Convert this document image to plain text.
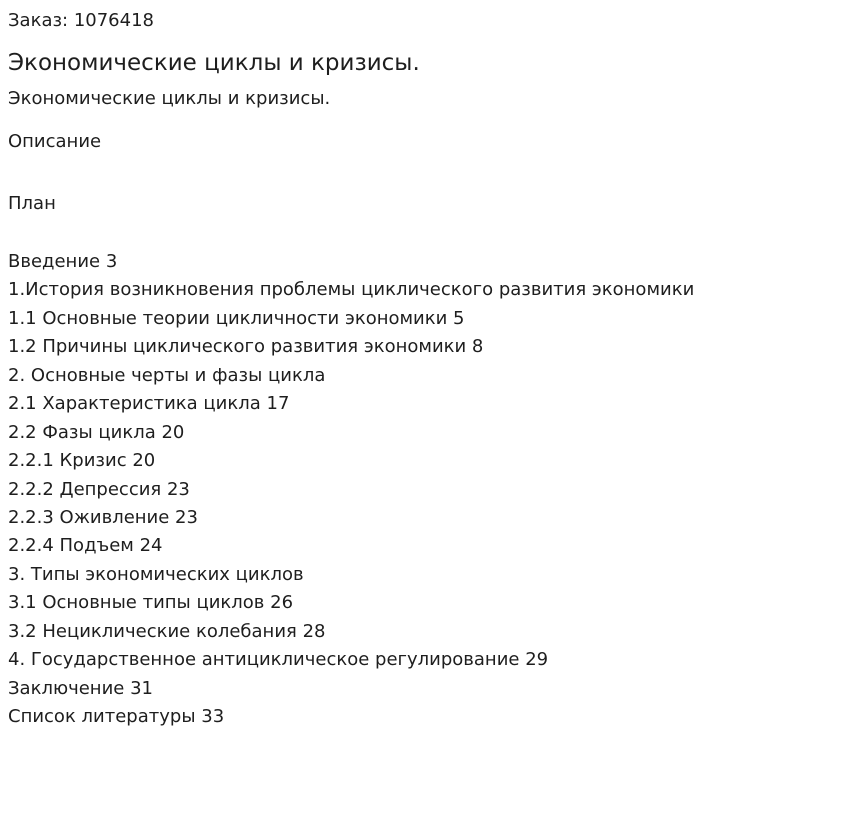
Заказ: 1076418
Экономические циклы и кризисы.
Экономические циклы и кризисы.
Описание
План
Введение 3
1.История возникновения проблемы циклического развития экономики
1.1 Основные теории цикличности экономики 5
1.2 Причины циклического развития экономики 8
2. Основные черты и фазы цикла
2.1 Характеристика цикла 17
2.2 Фазы цикла 20
2.2.1 Кризис 20
2.2.2 Депрессия 23
2.2.3 Оживление 23
2.2.4 Подъем 24
3. Типы экономических циклов
3.1 Основные типы циклов 26
3.2 Нециклические колебания 28
4. Государственное антициклическое регулирование 29
Заключение 31
Список литературы 33
